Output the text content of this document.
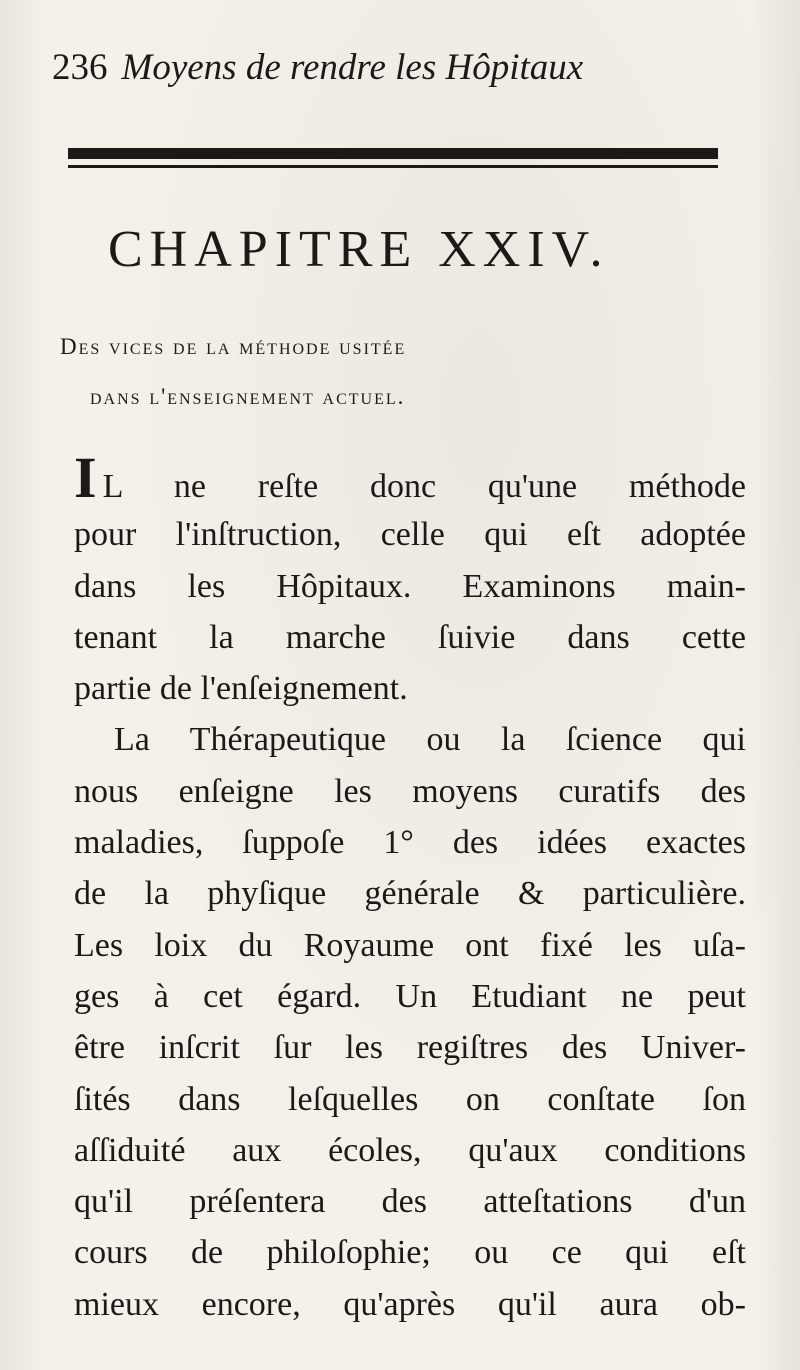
236 Moyens de rendre les Hôpitaux
CHAPITRE XXIV.
Des vices de la méthode usitée
dans l'enseignement actuel.
I L ne reſte donc qu'une méthode
pour l'inſtruction, celle qui eſt adoptée
dans les Hôpitaux. Examinons main-
tenant la marche ſuivie dans cette
partie de l'enſeignement.
La Thérapeutique ou la ſcience qui
nous enſeigne les moyens curatifs des
maladies, ſuppoſe 1° des idées exactes
de la phyſique générale & particulière.
Les loix du Royaume ont fixé les uſa-
ges à cet égard. Un Etudiant ne peut
être inſcrit ſur les regiſtres des Univer-
ſités dans leſquelles on conſtate ſon
aſſiduité aux écoles, qu'aux conditions
qu'il préſentera des atteſtations d'un
cours de philoſophie; ou ce qui eſt
mieux encore, qu'après qu'il aura ob-
